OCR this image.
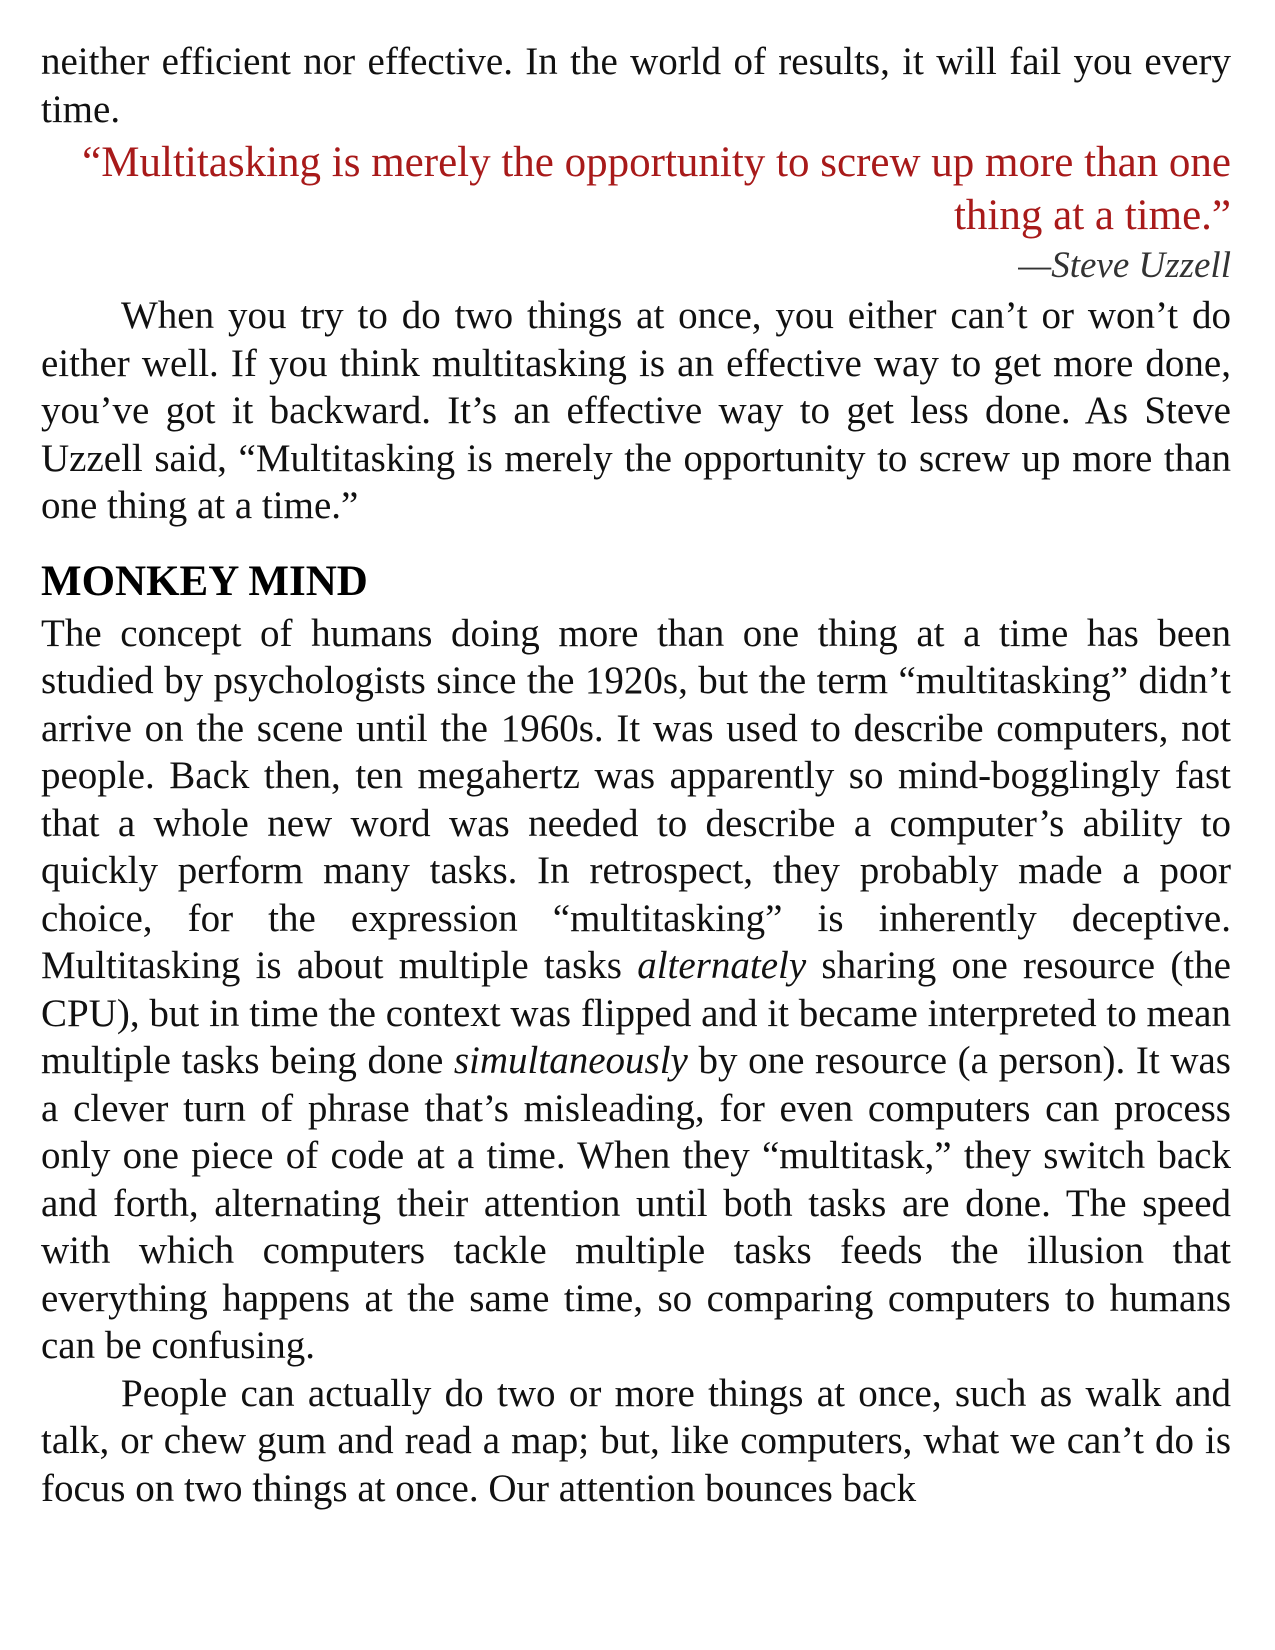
neither efficient nor effective. In the world of results, it will fail you every time.

“Multitasking is merely the opportunity to screw up more than one thing at a time.”

—Steve Uzzell

When you try to do two things at once, you either can’t or won’t do either well. If you think multitasking is an effective way to get more done, you’ve got it backward. It’s an effective way to get less done. As Steve Uzzell said, “Multitasking is merely the opportunity to screw up more than one thing at a time.”

MONKEY MIND

The concept of humans doing more than one thing at a time has been studied by psychologists since the 1920s, but the term “multitasking” didn’t arrive on the scene until the 1960s. It was used to describe computers, not people. Back then, ten megahertz was apparently so mind-bogglingly fast that a whole new word was needed to describe a computer’s ability to quickly perform many tasks. In retrospect, they probably made a poor choice, for the expression “multitasking” is inherently deceptive. Multitasking is about multiple tasks alternately sharing one resource (the CPU), but in time the context was flipped and it became interpreted to mean multiple tasks being done simultaneously by one resource (a person). It was a clever turn of phrase that’s misleading, for even computers can process only one piece of code at a time. When they “multitask,” they switch back and forth, alternating their attention until both tasks are done. The speed with which computers tackle multiple tasks feeds the illusion that everything happens at the same time, so comparing computers to humans can be confusing.

People can actually do two or more things at once, such as walk and talk, or chew gum and read a map; but, like computers, what we can’t do is focus on two things at once. Our attention bounces back
